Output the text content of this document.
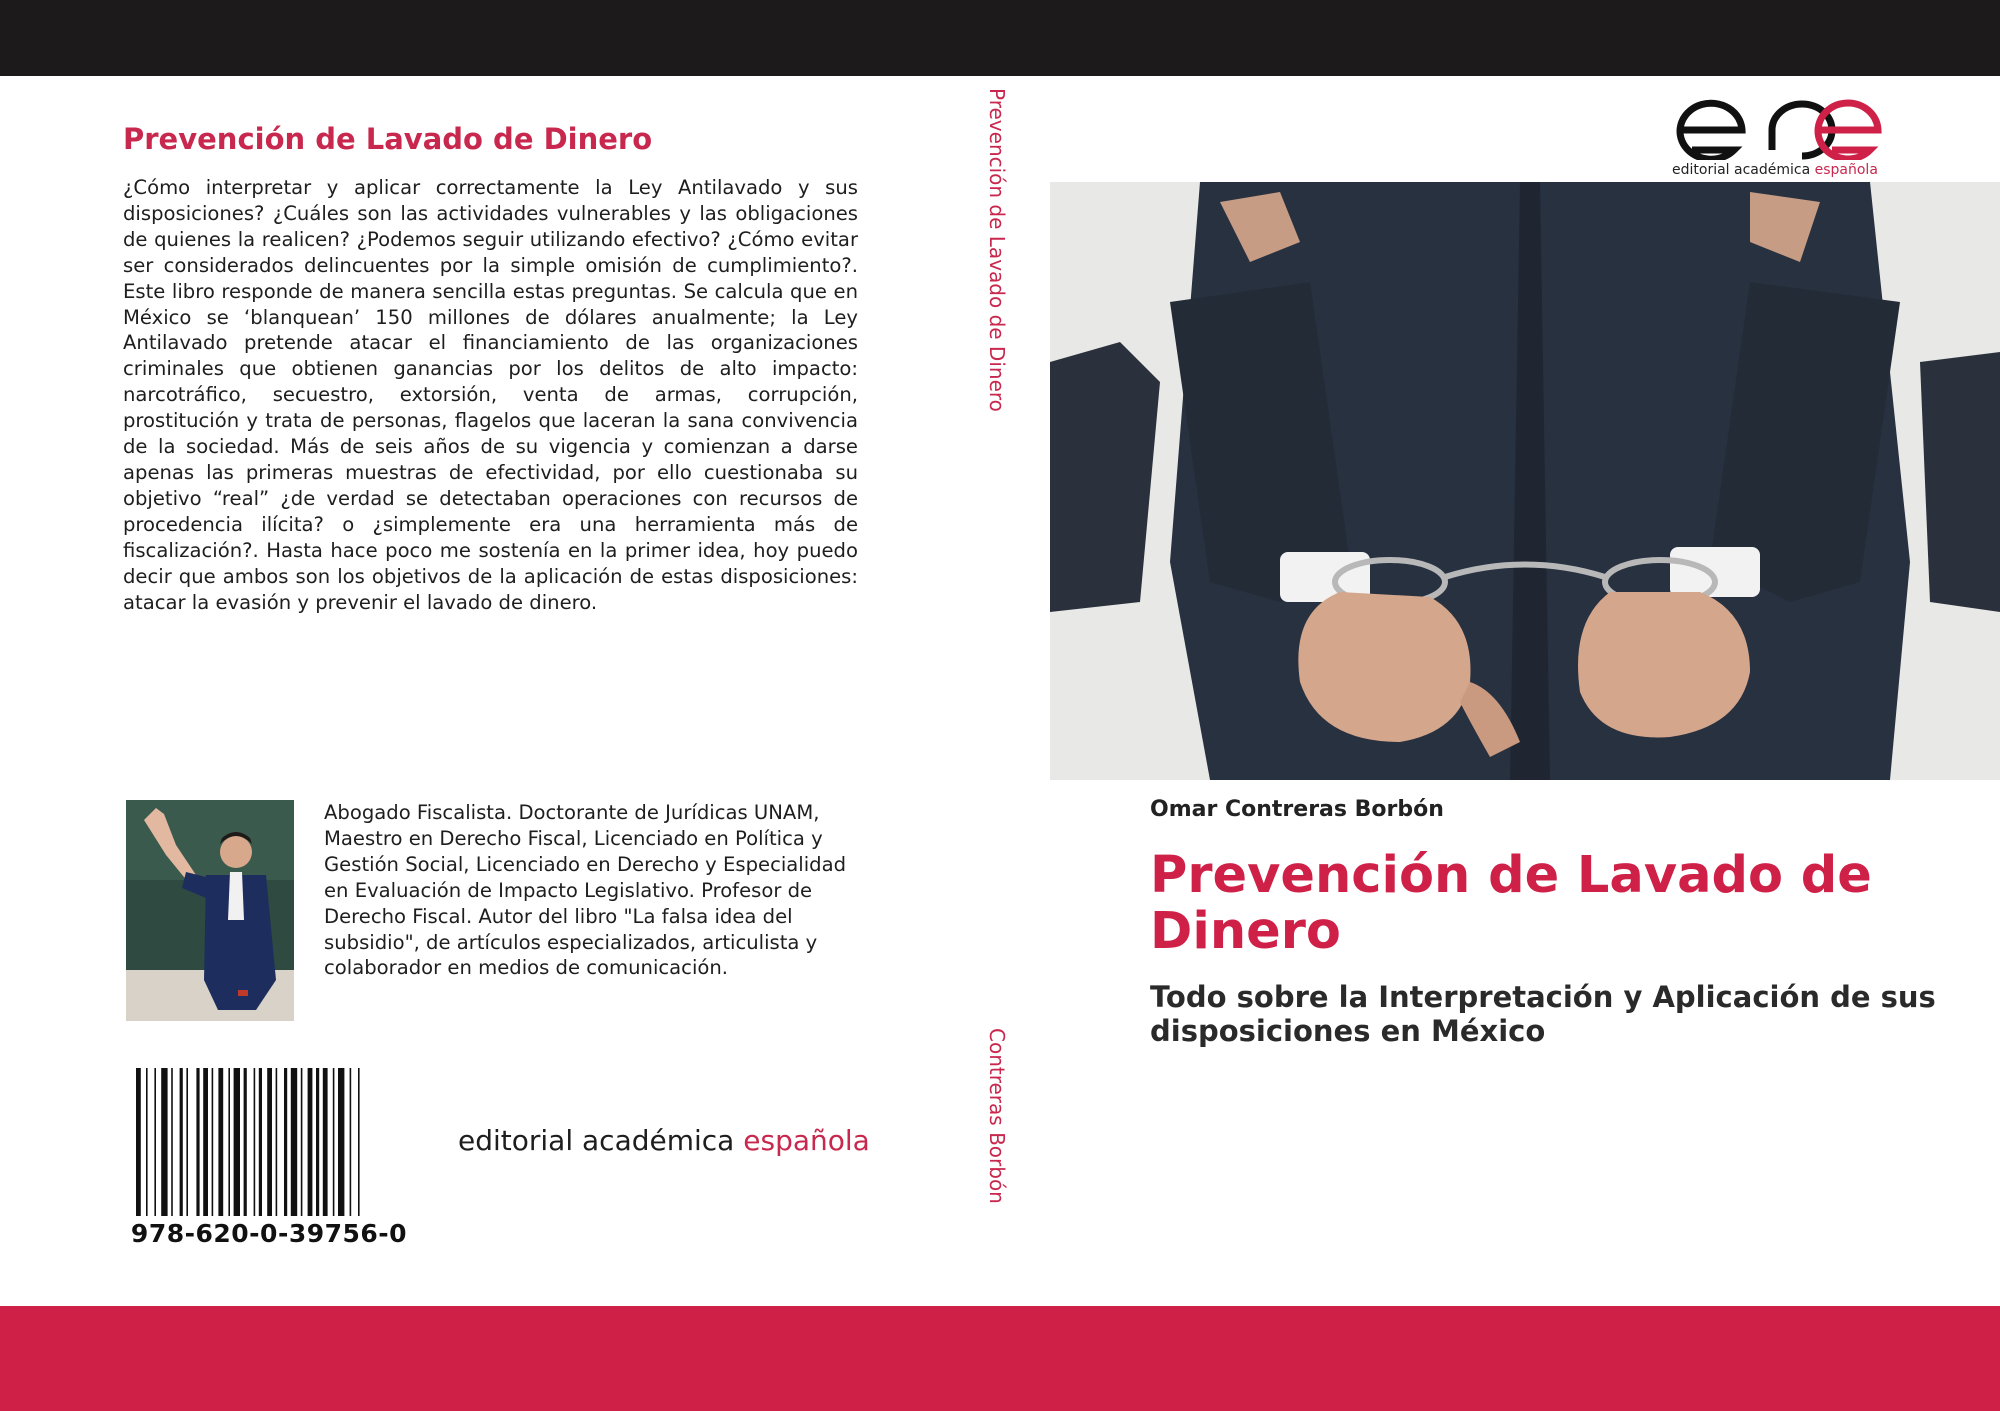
Prevención de Lavado de Dinero

¿Cómo interpretar y aplicar correctamente la Ley Antilavado y sus disposiciones? ¿Cuáles son las actividades vulnerables y las obligaciones de quienes la realicen? ¿Podemos seguir utilizando efectivo? ¿Cómo evitar ser considerados delincuentes por la simple omisión de cumplimiento?. Este libro responde de manera sencilla estas preguntas. Se calcula que en México se ‘blanquean’ 150 millones de dólares anualmente; la Ley Antilavado pretende atacar el financiamiento de las organizaciones criminales que obtienen ganancias por los delitos de alto impacto: narcotráfico, secuestro, extorsión, venta de armas, corrupción, prostitución y trata de personas, flagelos que laceran la sana convivencia de la sociedad. Más de seis años de su vigencia y comienzan a darse apenas las primeras muestras de efectividad, por ello cuestionaba su objetivo “real” ¿de verdad se detectaban operaciones con recursos de procedencia ilícita? o ¿simplemente era una herramienta más de fiscalización?. Hasta hace poco me sostenía en la primer idea, hoy puedo decir que ambos son los objetivos de la aplicación de estas disposiciones: atacar la evasión y prevenir el lavado de dinero.

Abogado Fiscalista. Doctorante de Jurídicas UNAM, Maestro en Derecho Fiscal, Licenciado en Política y Gestión Social, Licenciado en Derecho y Especialidad en Evaluación de Impacto Legislativo. Profesor de Derecho Fiscal. Autor del libro "La falsa idea del subsidio", de artículos especializados, articulista y colaborador en medios de comunicación.

978-620-0-39756-0
editorial académica española
Prevención de Lavado de Dinero
Contreras Borbón
editorial académica española
Omar Contreras Borbón

Prevención de Lavado de Dinero

Todo sobre la Interpretación y Aplicación de sus disposiciones en México
